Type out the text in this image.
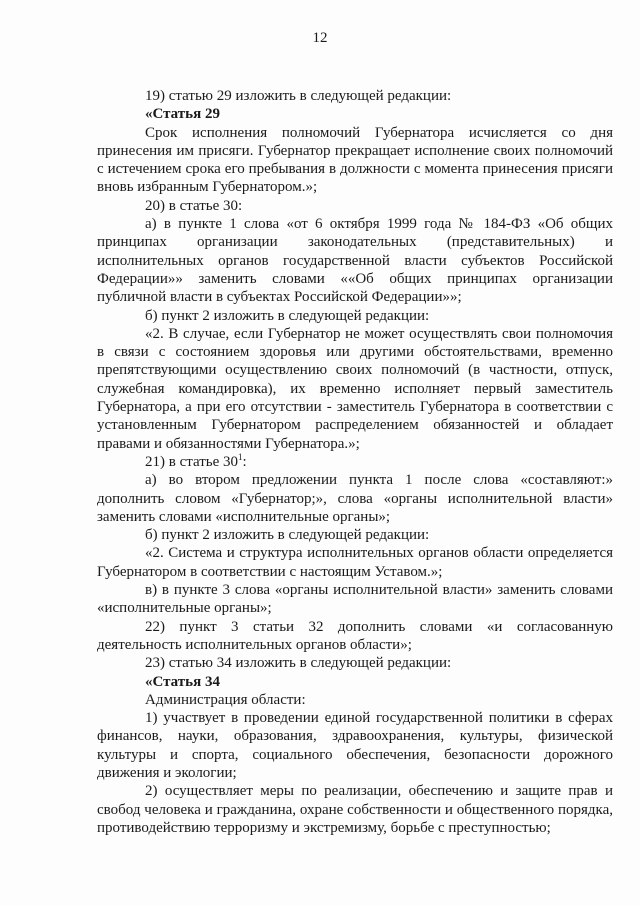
12

19) статью 29 изложить в следующей редакции:

«Статья 29

Срок исполнения полномочий Губернатора исчисляется со дня принесения им присяги. Губернатор прекращает исполнение своих полномочий с истечением срока его пребывания в должности с момента принесения присяги вновь избранным Губернатором.»;

20) в статье 30:

а) в пункте 1 слова «от 6 октября 1999 года № 184-ФЗ «Об общих принципах организации законодательных (представительных) и исполнительных органов государственной власти субъектов Российской Федерации»» заменить словами ««Об общих принципах организации публичной власти в субъектах Российской Федерации»»;

б) пункт 2 изложить в следующей редакции:

«2. В случае, если Губернатор не может осуществлять свои полномочия в связи с состоянием здоровья или другими обстоятельствами, временно препятствующими осуществлению своих полномочий (в частности, отпуск, служебная командировка), их временно исполняет первый заместитель Губернатора, а при его отсутствии - заместитель Губернатора в соответствии с установленным Губернатором распределением обязанностей и обладает правами и обязанностями Губернатора.»;

21) в статье $30^1$:

а) во втором предложении пункта 1 после слова «составляют:» дополнить словом «Губернатор;», слова «органы исполнительной власти» заменить словами «исполнительные органы»;

б) пункт 2 изложить в следующей редакции:

«2. Система и структура исполнительных органов области определяется Губернатором в соответствии с настоящим Уставом.»;

в) в пункте 3 слова «органы исполнительной власти» заменить словами «исполнительные органы»;

22) пункт 3 статьи 32 дополнить словами «и согласованную деятельность исполнительных органов области»;

23) статью 34 изложить в следующей редакции:

«Статья 34

Администрация области:

1) участвует в проведении единой государственной политики в сферах финансов, науки, образования, здравоохранения, культуры, физической культуры и спорта, социального обеспечения, безопасности дорожного движения и экологии;

2) осуществляет меры по реализации, обеспечению и защите прав и свобод человека и гражданина, охране собственности и общественного порядка, противодействию терроризму и экстремизму, борьбе с преступностью;
